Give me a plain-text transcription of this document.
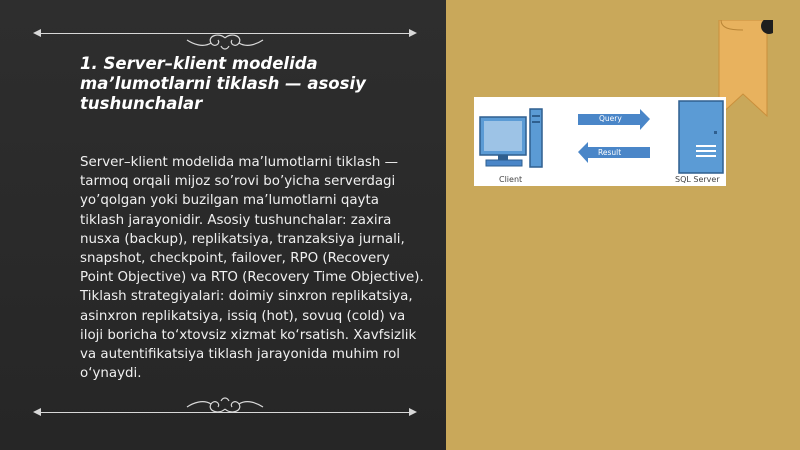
1. Server–klient modelida ma’lumotlarni tiklash — asosiy tushunchalar

Server–klient modelida ma’lumotlarni tiklash — tarmoq orqali mijoz so’rovi bo’yicha serverdagi yo’qolgan yoki buzilgan ma’lumotlarni qayta tiklash jarayonidir. Asosiy tushunchalar: zaxira nusxa (backup), replikatsiya, tranzaksiya jurnali, snapshot, checkpoint, failover, RPO (Recovery Point Objective) va RTO (Recovery Time Objective). Tiklash strategiyalari: doimiy sinxron replikatsiya, asinxron replikatsiya, issiq (hot), sovuq (cold) va iloji boricha to‘xtovsiz xizmat ko‘rsatish. Xavfsizlik va autentifikatsiya tiklash jarayonida muhim rol o‘ynaydi.

Query
Result
Client	SQL Server
